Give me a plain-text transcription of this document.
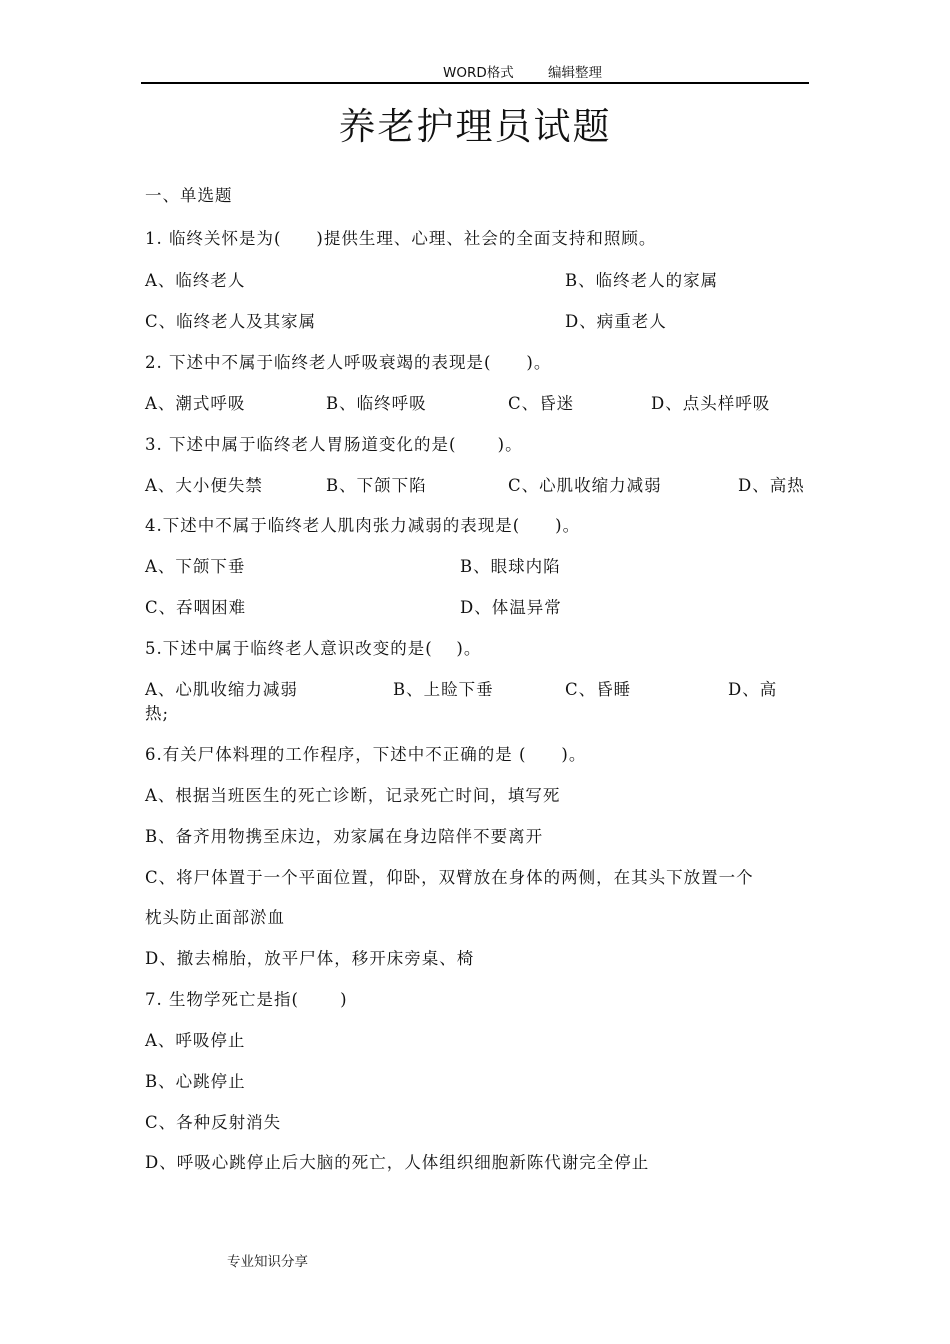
WORD格式	编辑整理
养老护理员试题
一、单选题
1. 临终关怀是为(　　)提供生理、心理、社会的全面支持和照顾。
A、临终老人	B、临终老人的家属
C、临终老人及其家属	D、病重老人
2. 下述中不属于临终老人呼吸衰竭的表现是(　　)。
A、潮式呼吸	B、临终呼吸	C、昏迷	D、点头样呼吸
3. 下述中属于临终老人胃肠道变化的是(　　 )。
A、大小便失禁	B、下颌下陷	C、心肌收缩力减弱	D、高热
4.下述中不属于临终老人肌肉张力减弱的表现是(　　)。
A、下颌下垂	B、眼球内陷
C、吞咽困难	D、体温异常
5.下述中属于临终老人意识改变的是(　 )。
A、心肌收缩力减弱	B、上睑下垂	C、昏睡	D、高
热;
6.有关尸体料理的工作程序，下述中不正确的是 (　　)。
A、根据当班医生的死亡诊断，记录死亡时间，填写死
B、备齐用物携至床边，劝家属在身边陪伴不要离开
C、将尸体置于一个平面位置，仰卧，双臂放在身体的两侧，在其头下放置一个
枕头防止面部淤血
D、撤去棉胎，放平尸体，移开床旁桌、椅
7. 生物学死亡是指(　　 )
A、呼吸停止
B、心跳停止
C、各种反射消失
D、呼吸心跳停止后大脑的死亡，人体组织细胞新陈代谢完全停止
专业知识分享
